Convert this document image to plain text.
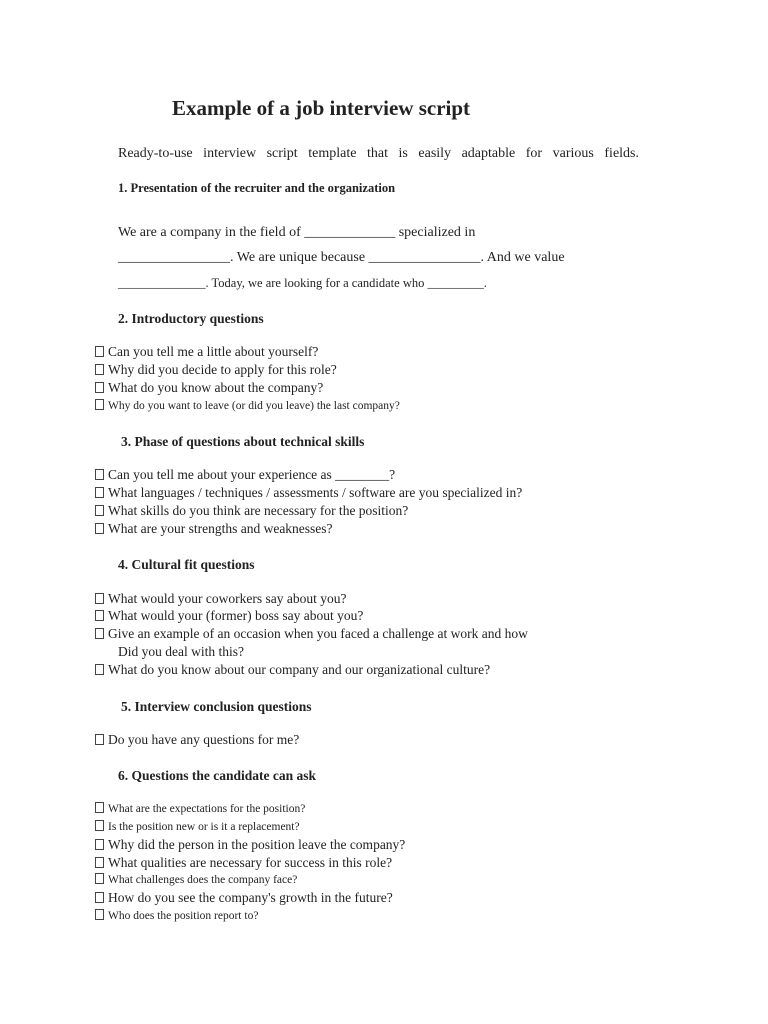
Example of a job interview script
Ready-to-use interview script template that is easily adaptable for various fields.
1. Presentation of the recruiter and the organization
We are a company in the field of _____________ specialized in
________________. We are unique because ________________. And we value
______________. Today, we are looking for a candidate who _________.
2. Introductory questions
Can you tell me a little about yourself?
Why did you decide to apply for this role?
What do you know about the company?
Why do you want to leave (or did you leave) the last company?
3. Phase of questions about technical skills
Can you tell me about your experience as ________?
What languages / techniques / assessments / software are you specialized in?
What skills do you think are necessary for the position?
What are your strengths and weaknesses?
4. Cultural fit questions
What would your coworkers say about you?
What would your (former) boss say about you?
Give an example of an occasion when you faced a challenge at work and how
Did you deal with this?
What do you know about our company and our organizational culture?
5. Interview conclusion questions
Do you have any questions for me?
6. Questions the candidate can ask
What are the expectations for the position?
Is the position new or is it a replacement?
Why did the person in the position leave the company?
What qualities are necessary for success in this role?
What challenges does the company face?
How do you see the company's growth in the future?
Who does the position report to?
